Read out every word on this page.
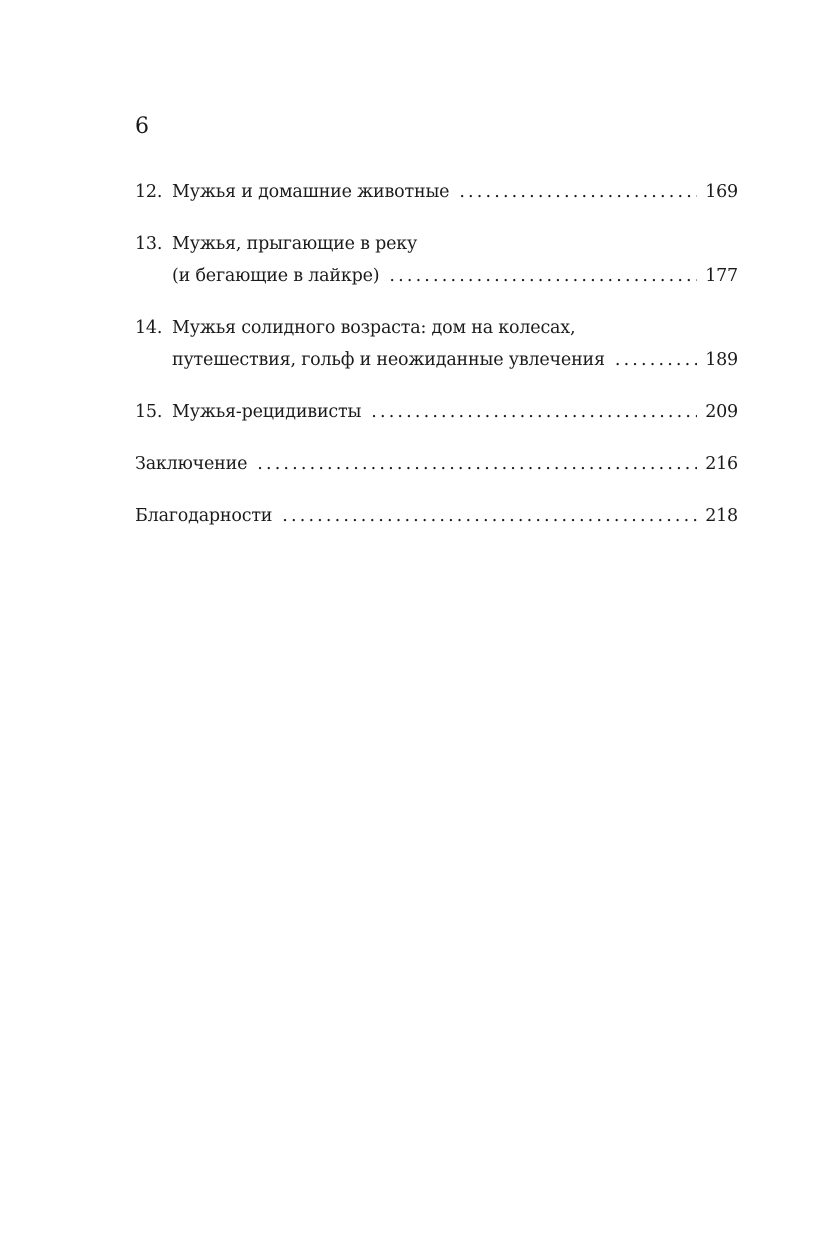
6
12. Мужья и домашние животные . . .	169
13. Мужья, прыгающие в реку
(и бегающие в лайкре) . . .	177
14. Мужья солидного возраста: дом на колесах,
путешествия, гольф и неожиданные увлечения . . .	189
15. Мужья-рецидивисты . . .	209
Заключение . . .	216
Благодарности . . .	218
